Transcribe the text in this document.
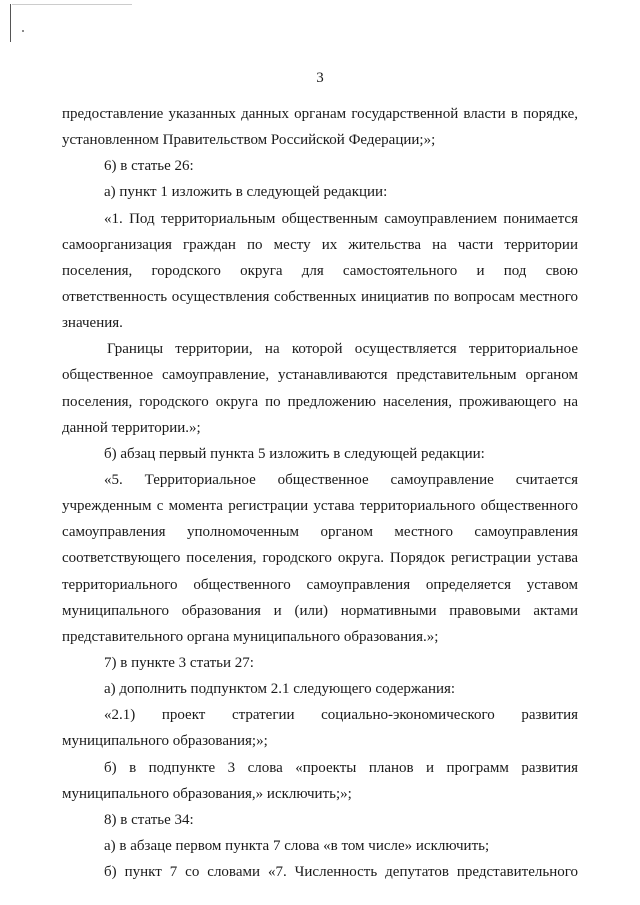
3
предоставление указанных данных органам государственной власти в порядке,
установленном Правительством Российской Федерации;»;
6) в статье 26:
а) пункт 1 изложить в следующей редакции:
«1. Под территориальным общественным самоуправлением понимается
самоорганизация граждан по месту их жительства на части территории
поселения, городского округа для самостоятельного и под свою
ответственность осуществления собственных инициатив по вопросам местного
значения.
Границы территории, на которой осуществляется территориальное
общественное самоуправление, устанавливаются представительным органом
поселения, городского округа по предложению населения, проживающего на
данной территории.»;
б) абзац первый пункта 5 изложить в следующей редакции:
«5. Территориальное общественное самоуправление считается
учрежденным с момента регистрации устава территориального общественного
самоуправления уполномоченным органом местного самоуправления
соответствующего поселения, городского округа. Порядок регистрации устава
территориального общественного самоуправления определяется уставом
муниципального образования и (или) нормативными правовыми актами
представительного органа муниципального образования.»;
7) в пункте 3 статьи 27:
а) дополнить подпунктом 2.1 следующего содержания:
«2.1) проект стратегии социально-экономического развития
муниципального образования;»;
б) в подпункте 3 слова «проекты планов и программ развития
муниципального образования,» исключить;»;
8) в статье 34:
а) в абзаце первом пункта 7 слова «в том числе» исключить;
б) пункт 7 со словами «7. Численность депутатов представительного
